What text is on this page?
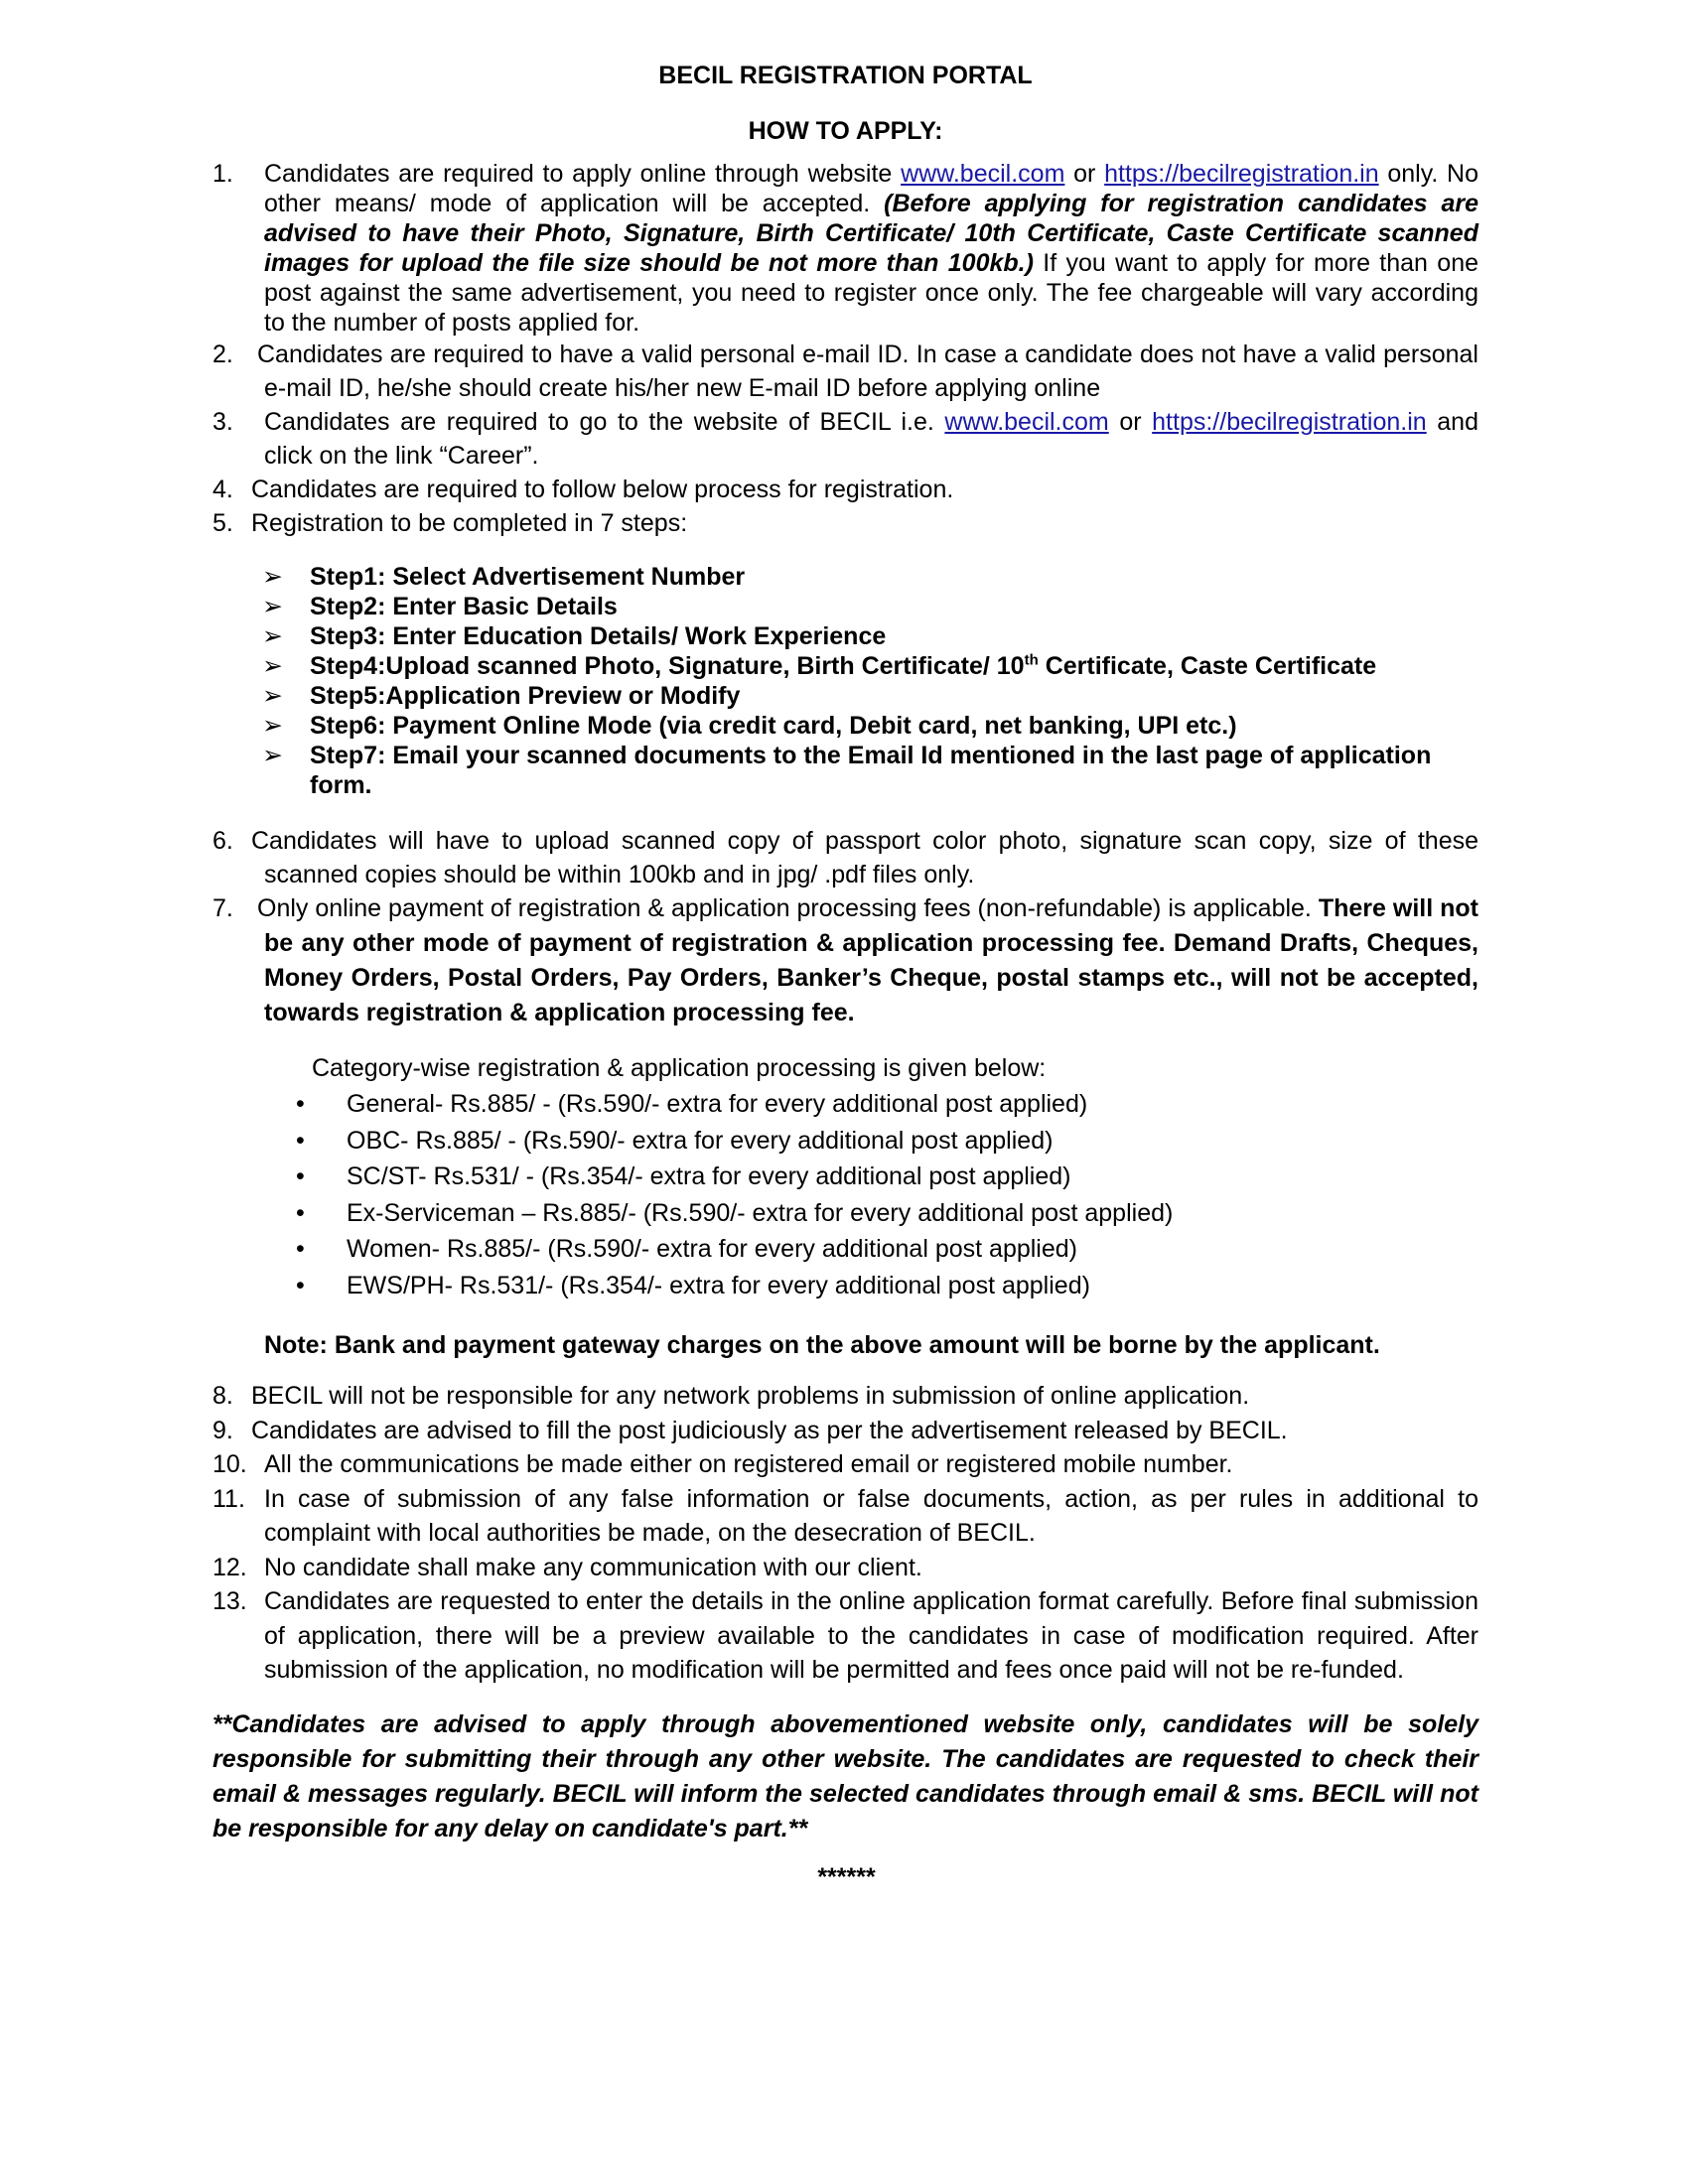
BECIL REGISTRATION PORTAL
HOW TO APPLY:
1. Candidates are required to apply online through website www.becil.com or https://becilregistration.in only. No other means/ mode of application will be accepted. (Before applying for registration candidates are advised to have their Photo, Signature, Birth Certificate/ 10th Certificate, Caste Certificate scanned images for upload the file size should be not more than 100kb.) If you want to apply for more than one post against the same advertisement, you need to register once only. The fee chargeable will vary according to the number of posts applied for.
2. Candidates are required to have a valid personal e-mail ID. In case a candidate does not have a valid personal e-mail ID, he/she should create his/her new E-mail ID before applying online
3. Candidates are required to go to the website of BECIL i.e. www.becil.com or https://becilregistration.in and click on the link “Career”.
4. Candidates are required to follow below process for registration.
5. Registration to be completed in 7 steps:
➢ Step1: Select Advertisement Number
➢ Step2: Enter Basic Details
➢ Step3: Enter Education Details/ Work Experience
➢ Step4:Upload scanned Photo, Signature, Birth Certificate/ 10th Certificate, Caste Certificate
➢ Step5:Application Preview or Modify
➢ Step6: Payment Online Mode (via credit card, Debit card, net banking, UPI etc.)
➢ Step7: Email your scanned documents to the Email Id mentioned in the last page of application form.
6. Candidates will have to upload scanned copy of passport color photo, signature scan copy, size of these scanned copies should be within 100kb and in jpg/ .pdf files only.
7. Only online payment of registration & application processing fees (non-refundable) is applicable. There will not be any other mode of payment of registration & application processing fee. Demand Drafts, Cheques, Money Orders, Postal Orders, Pay Orders, Banker’s Cheque, postal stamps etc., will not be accepted, towards registration & application processing fee.
Category-wise registration & application processing is given below:
• General- Rs.885/ - (Rs.590/- extra for every additional post applied)
• OBC- Rs.885/ - (Rs.590/- extra for every additional post applied)
• SC/ST- Rs.531/ - (Rs.354/- extra for every additional post applied)
• Ex-Serviceman – Rs.885/- (Rs.590/- extra for every additional post applied)
• Women- Rs.885/- (Rs.590/- extra for every additional post applied)
• EWS/PH- Rs.531/- (Rs.354/- extra for every additional post applied)
Note: Bank and payment gateway charges on the above amount will be borne by the applicant.
8. BECIL will not be responsible for any network problems in submission of online application.
9. Candidates are advised to fill the post judiciously as per the advertisement released by BECIL.
10. All the communications be made either on registered email or registered mobile number.
11. In case of submission of any false information or false documents, action, as per rules in additional to complaint with local authorities be made, on the desecration of BECIL.
12. No candidate shall make any communication with our client.
13. Candidates are requested to enter the details in the online application format carefully. Before final submission of application, there will be a preview available to the candidates in case of modification required. After submission of the application, no modification will be permitted and fees once paid will not be re-funded.
**Candidates are advised to apply through abovementioned website only, candidates will be solely responsible for submitting their through any other website. The candidates are requested to check their email & messages regularly. BECIL will inform the selected candidates through email & sms. BECIL will not be responsible for any delay on candidate's part.**
******
